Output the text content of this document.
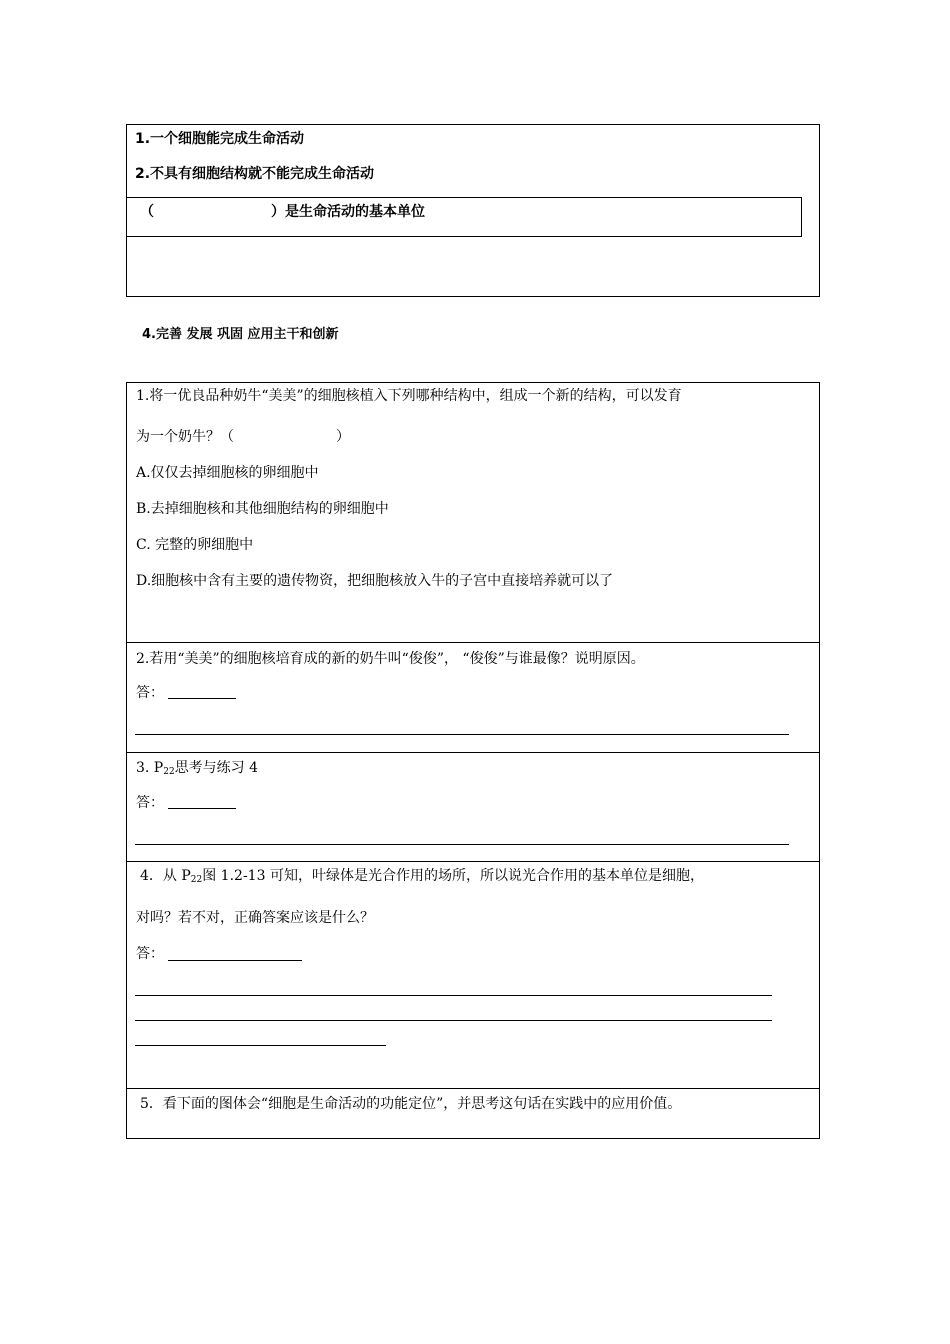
1.一个细胞能完成生命活动
2.不具有细胞结构就不能完成生命活动
（	）是生命活动的基本单位
4.完善 发展 巩固 应用主干和创新
1.将一优良品种奶牛“美美”的细胞核植入下列哪种结构中，组成一个新的结构，可以发育
为一个奶牛？（	）
A.仅仅去掉细胞核的卵细胞中
B.去掉细胞核和其他细胞结构的卵细胞中
C. 完整的卵细胞中
D.细胞核中含有主要的遗传物资，把细胞核放入牛的子宫中直接培养就可以了
2.若用“美美”的细胞核培育成的新的奶牛叫“俊俊”， “俊俊”与谁最像？说明原因。
答：
3. $P_{22}$思考与练习 4
答：
4．从 $P_{22}$图 1.2-13 可知，叶绿体是光合作用的场所，所以说光合作用的基本单位是细胞，
对吗？若不对，正确答案应该是什么？
答：
5．看下面的图体会“细胞是生命活动的功能定位”，并思考这句话在实践中的应用价值。
